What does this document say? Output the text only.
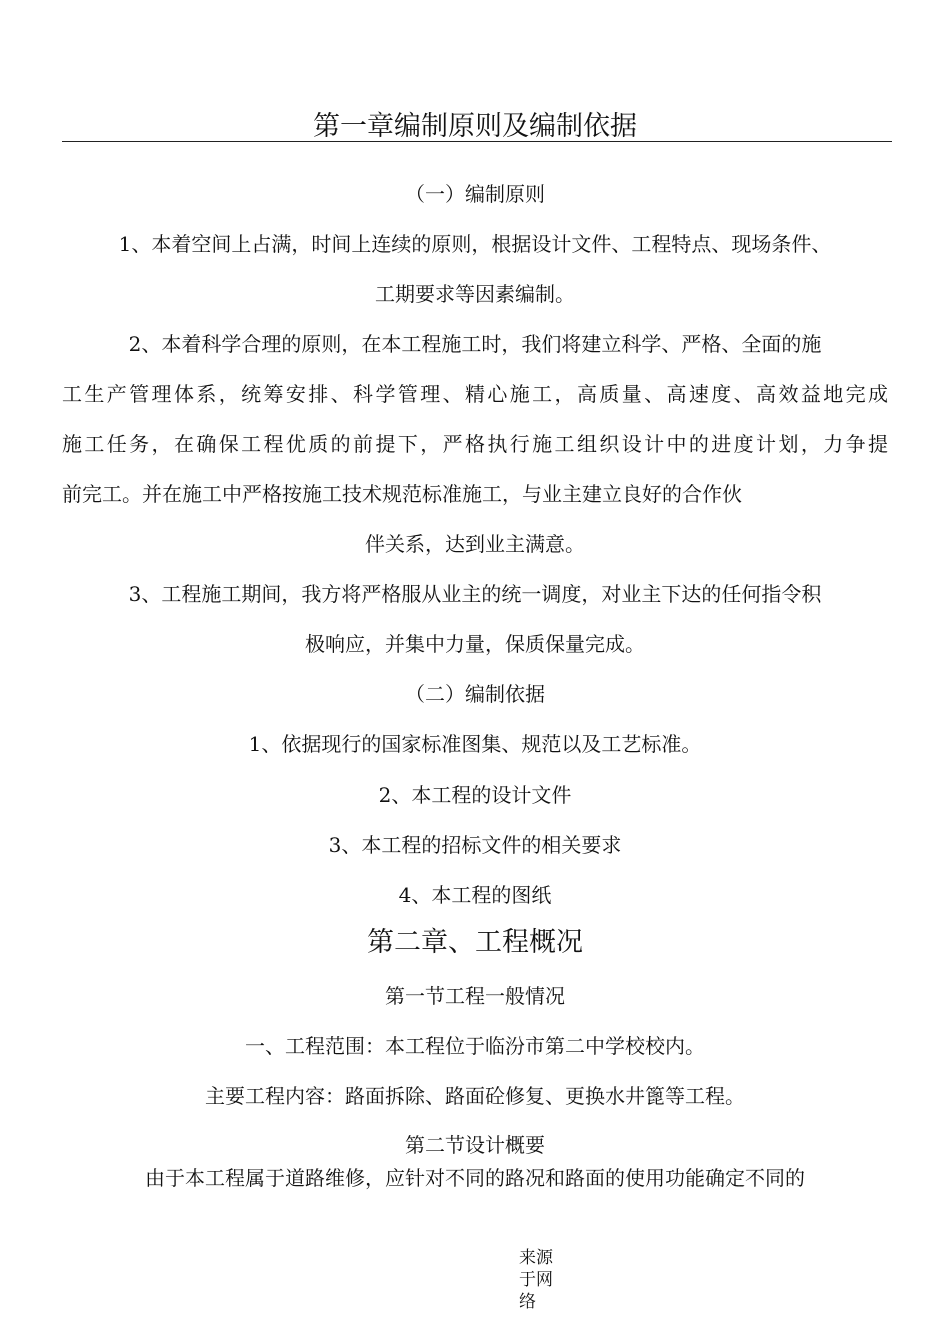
第一章编制原则及编制依据
（一）编制原则
1、本着空间上占满，时间上连续的原则，根据设计文件、工程特点、现场条件、
工期要求等因素编制。
2、本着科学合理的原则，在本工程施工时，我们将建立科学、严格、全面的施
工生产管理体系，统筹安排、科学管理、精心施工，高质量、高速度、高效益地完成
施工任务，在确保工程优质的前提下，严格执行施工组织设计中的进度计划，力争提
前完工。并在施工中严格按施工技术规范标准施工，与业主建立良好的合作伙
伴关系，达到业主满意。
3、工程施工期间，我方将严格服从业主的统一调度，对业主下达的任何指令积
极响应，并集中力量，保质保量完成。
（二）编制依据
1、依据现行的国家标准图集、规范以及工艺标准。
2、本工程的设计文件
3、本工程的招标文件的相关要求
4、本工程的图纸
第二章、工程概况
第一节工程一般情况
一、工程范围：本工程位于临汾市第二中学校校内。
主要工程内容：路面拆除、路面砼修复、更换水井篦等工程。
第二节设计概要
由于本工程属于道路维修，应针对不同的路况和路面的使用功能确定不同的
来源于网络
